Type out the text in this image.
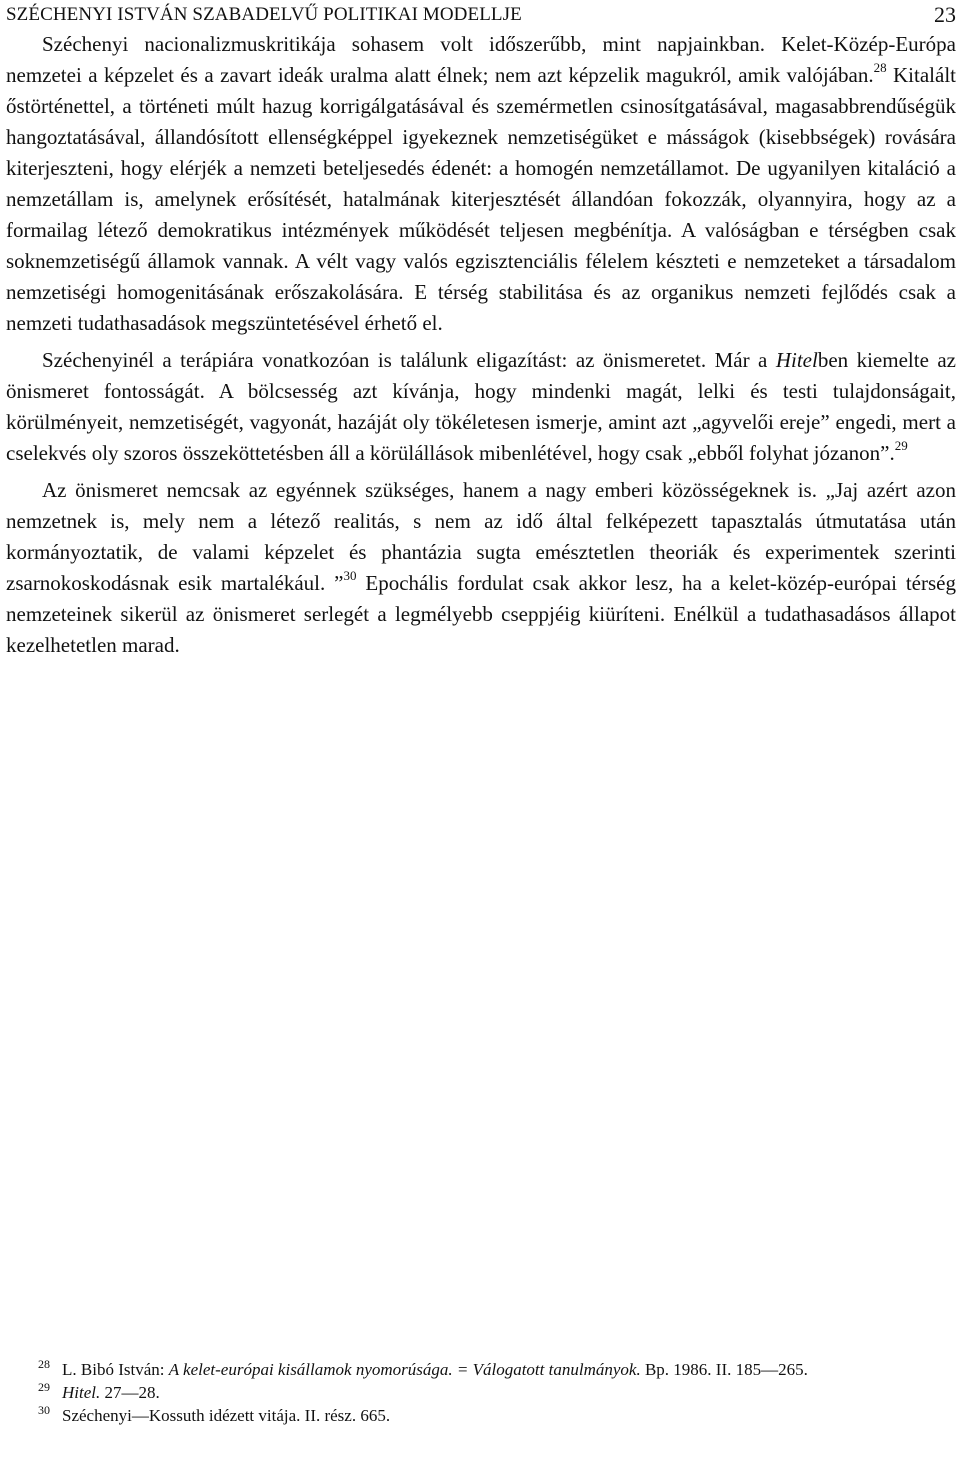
SZÉCHENYI ISTVÁN SZABADELVŰ POLITIKAI MODELLJE	23

Széchenyi nacionalizmuskritikája sohasem volt időszerűbb, mint napjainkban. Kelet-Közép-Európa nemzetei a képzelet és a zavart ideák uralma alatt élnek; nem azt képzelik magukról, amik valójában.$^{28}$ Kitalált őstörténettel, a történeti múlt hazug korrigálgatásával és szemérmetlen csinosítgatásával, magasabbrendűségük hangoztatásával, állandósított ellenségképpel igyekeznek nemzetiségüket e másságok (kisebbségek) rovására kiterjeszteni, hogy elérjék a nemzeti beteljesedés édenét: a homogén nemzetállamot. De ugyanilyen kitaláció a nemzetállam is, amelynek erősítését, hatalmának kiterjesztését állandóan fokozzák, olyannyira, hogy az a formailag létező demokratikus intézmények működését teljesen megbénítja. A valóságban e térségben csak soknemzetiségű államok vannak. A vélt vagy valós egzisztenciális félelem készteti e nemzeteket a társadalom nemzetiségi homogenitásának erőszakolására. E térség stabilitása és az organikus nemzeti fejlődés csak a nemzeti tudathasadások megszüntetésével érhető el.

Széchenyinél a terápiára vonatkozóan is találunk eligazítást: az önismeretet. Már a Hitelben kiemelte az önismeret fontosságát. A bölcsesség azt kívánja, hogy mindenki magát, lelki és testi tulajdonságait, körülményeit, nemzetiségét, vagyonát, hazáját oly tökéletesen ismerje, amint azt „agyvelői ereje” engedi, mert a cselekvés oly szoros összeköttetésben áll a körülállások mibenlétével, hogy csak „ebből folyhat józanon”.$^{29}$

Az önismeret nemcsak az egyénnek szükséges, hanem a nagy emberi közösségeknek is. „Jaj azért azon nemzetnek is, mely nem a létező realitás, s nem az idő által felképezett tapasztalás útmutatása után kormányoztatik, de valami képzelet és phantázia sugta emésztetlen theoriák és experimentek szerinti zsarnokoskodásnak esik martalékául. ”$^{30}$ Epochális fordulat csak akkor lesz, ha a kelet-közép-európai térség nemzeteinek sikerül az önismeret serlegét a legmélyebb cseppjéig kiüríteni. Enélkül a tudathasadásos állapot kezelhetetlen marad.

$^{28}$ L. Bibó István: A kelet-európai kisállamok nyomorúsága. = Válogatott tanulmányok. Bp. 1986. II. 185—265.

$^{29}$ Hitel. 27—28.

$^{30}$ Széchenyi—Kossuth idézett vitája. II. rész. 665.
